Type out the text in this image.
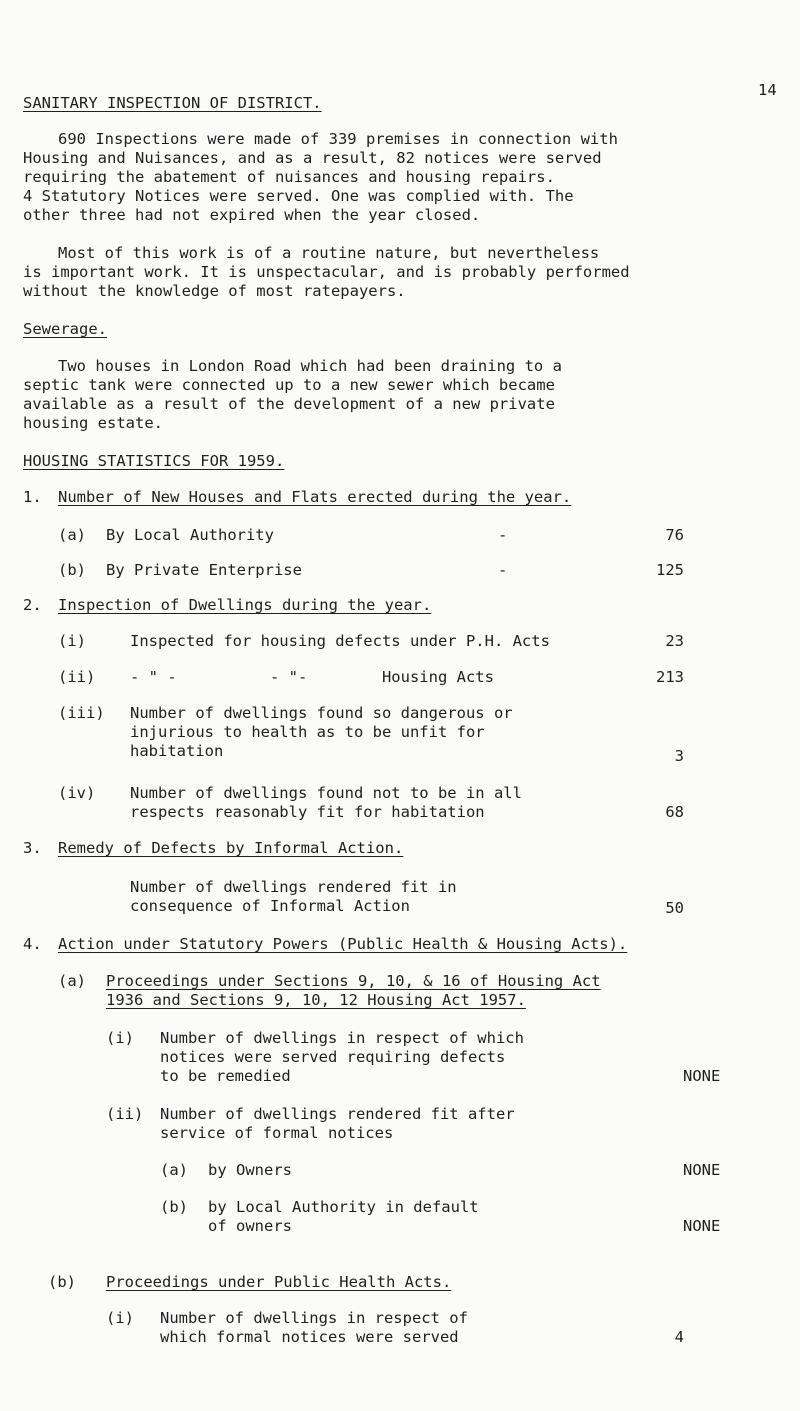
14
SANITARY INSPECTION OF DISTRICT.
690 Inspections were made of 339 premises in connection with
Housing and Nuisances, and as a result, 82 notices were served
requiring the abatement of nuisances and housing repairs.
4 Statutory Notices were served. One was complied with. The
other three had not expired when the year closed.
Most of this work is of a routine nature, but nevertheless
is important work. It is unspectacular, and is probably performed
without the knowledge of most ratepayers.
Sewerage.
Two houses in London Road which had been draining to a
septic tank were connected up to a new sewer which became
available as a result of the development of a new private
housing estate.
HOUSING STATISTICS FOR 1959.
1. Number of New Houses and Flats erected during the year.
(a) By Local Authority	-	76
(b) By Private Enterprise	-	125
2. Inspection of Dwellings during the year.
(i)	Inspected for housing defects under P.H. Acts	23
(ii) - " -          - "-        Housing Acts	213
(iii) Number of dwellings found so dangerous or
injurious to health as to be unfit for
habitation	3
(iv) Number of dwellings found not to be in all
respects reasonably fit for habitation	68
3. Remedy of Defects by Informal Action.
Number of dwellings rendered fit in
consequence of Informal Action	50
4. Action under Statutory Powers (Public Health & Housing Acts).
(a) Proceedings under Sections 9, 10, & 16 of Housing Act
1936 and Sections 9, 10, 12 Housing Act 1957.
(i) Number of dwellings in respect of which
notices were served requiring defects
to be remedied	NONE
(ii) Number of dwellings rendered fit after
service of formal notices
(a) by Owners	NONE
(b) by Local Authority in default
of owners	NONE
(b) Proceedings under Public Health Acts.
(i) Number of dwellings in respect of
which formal notices were served	4
